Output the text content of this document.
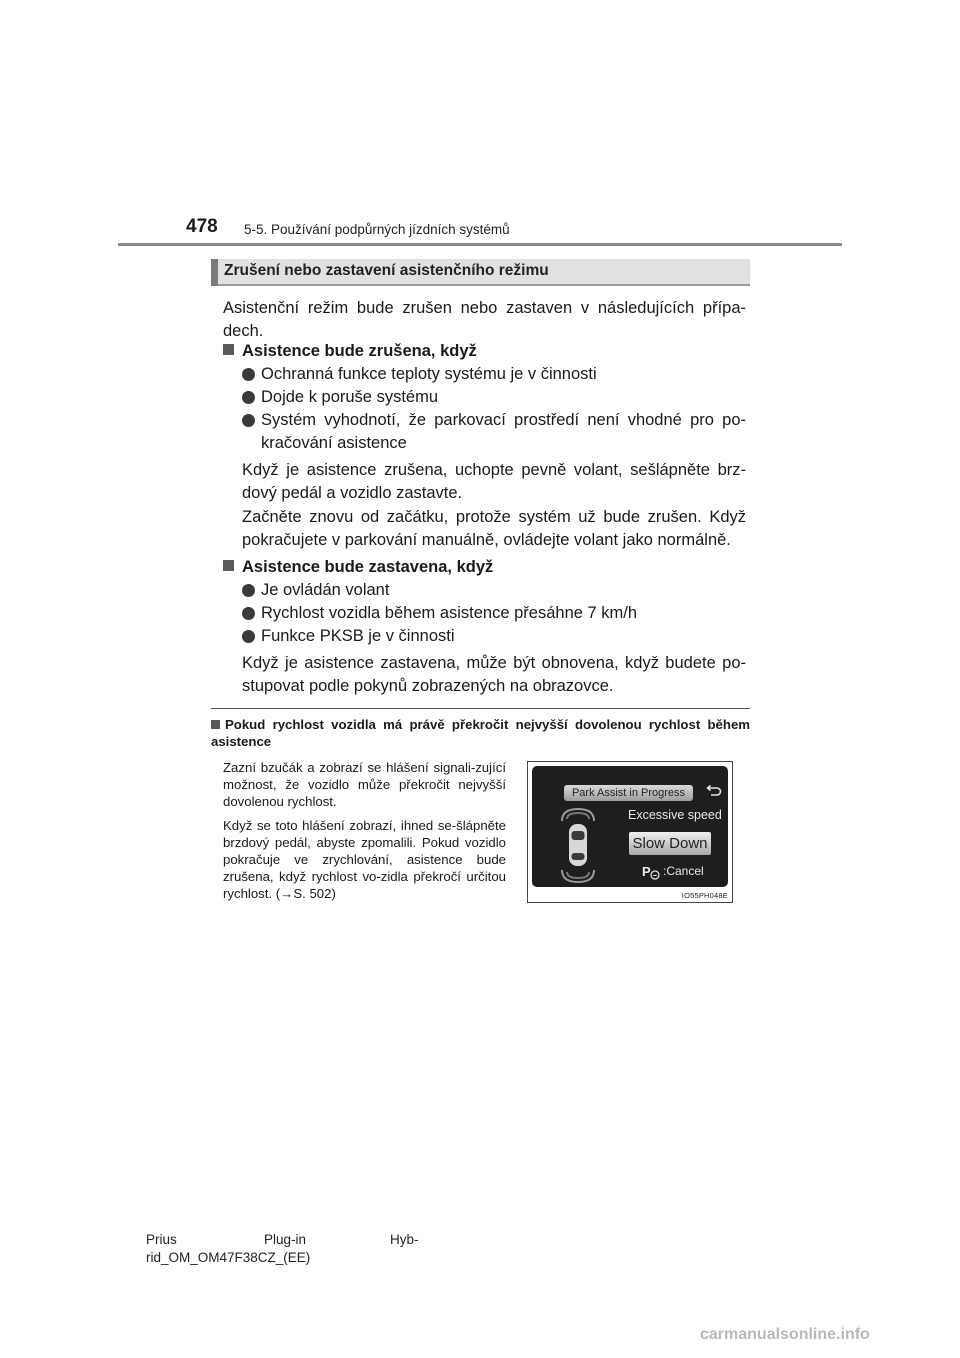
478 5-5. Používání podpůrných jízdních systémů
Zrušení nebo zastavení asistenčního režimu
Asistenční režim bude zrušen nebo zastaven v následujících přípa-dech.
Asistence bude zrušena, když
Ochranná funkce teploty systému je v činnosti
Dojde k poruše systému
Systém vyhodnotí, že parkovací prostředí není vhodné pro po-kračování asistence
Když je asistence zrušena, uchopte pevně volant, sešlápněte brz-dový pedál a vozidlo zastavte.
Začněte znovu od začátku, protože systém už bude zrušen. Když pokračujete v parkování manuálně, ovládejte volant jako normálně.
Asistence bude zastavena, když
Je ovládán volant
Rychlost vozidla během asistence přesáhne 7 km/h
Funkce PKSB je v činnosti
Když je asistence zastavena, může být obnovena, když budete po-stupovat podle pokynů zobrazených na obrazovce.
Pokud rychlost vozidla má právě překročit nejvyšší dovolenou rychlost během asistence
Zazní bzučák a zobrazí se hlášení signali-zující možnost, že vozidlo může překročit nejvyšší dovolenou rychlost.
Když se toto hlášení zobrazí, ihned se-šlápněte brzdový pedál, abyste zpomalili. Pokud vozidlo pokračuje ve zrychlování, asistence bude zrušena, když rychlost vo-zidla překročí určitou rychlost. (→S. 502)
Park Assist in Progress
Excessive speed
Slow Down
P :Cancel
IO55PH048E
Prius	Plug-in	Hyb-
rid_OM_OM47F38CZ_(EE)
carmanualsonline.info
